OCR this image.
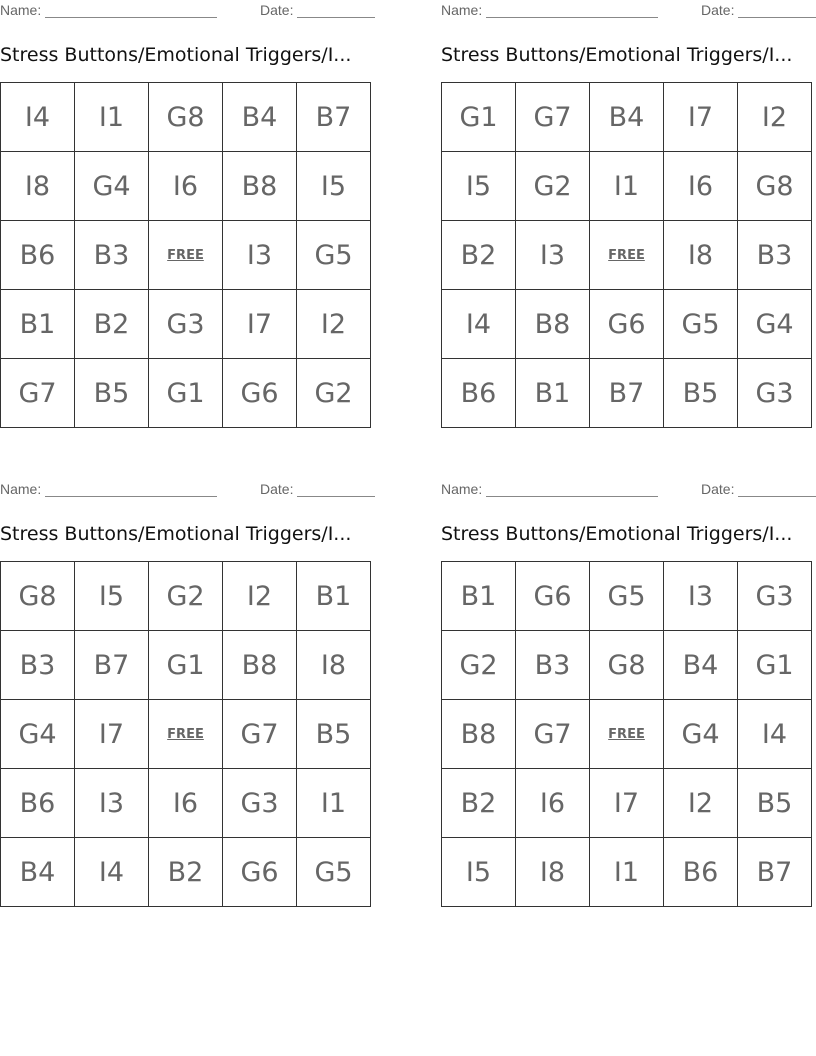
Name:	Date:
Stress Buttons/Emotional Triggers/I...
I4	I1	G8	B4	B7
I8	G4	I6	B8	I5
B6	B3	FREE	I3	G5
B1	B2	G3	I7	I2
G7	B5	G1	G6	G2
Name:	Date:
Stress Buttons/Emotional Triggers/I...
G1	G7	B4	I7	I2
I5	G2	I1	I6	G8
B2	I3	FREE	I8	B3
I4	B8	G6	G5	G4
B6	B1	B7	B5	G3
Name:	Date:
Stress Buttons/Emotional Triggers/I...
G8	I5	G2	I2	B1
B3	B7	G1	B8	I8
G4	I7	FREE	G7	B5
B6	I3	I6	G3	I1
B4	I4	B2	G6	G5
Name:	Date:
Stress Buttons/Emotional Triggers/I...
B1	G6	G5	I3	G3
G2	B3	G8	B4	G1
B8	G7	FREE	G4	I4
B2	I6	I7	I2	B5
I5	I8	I1	B6	B7
